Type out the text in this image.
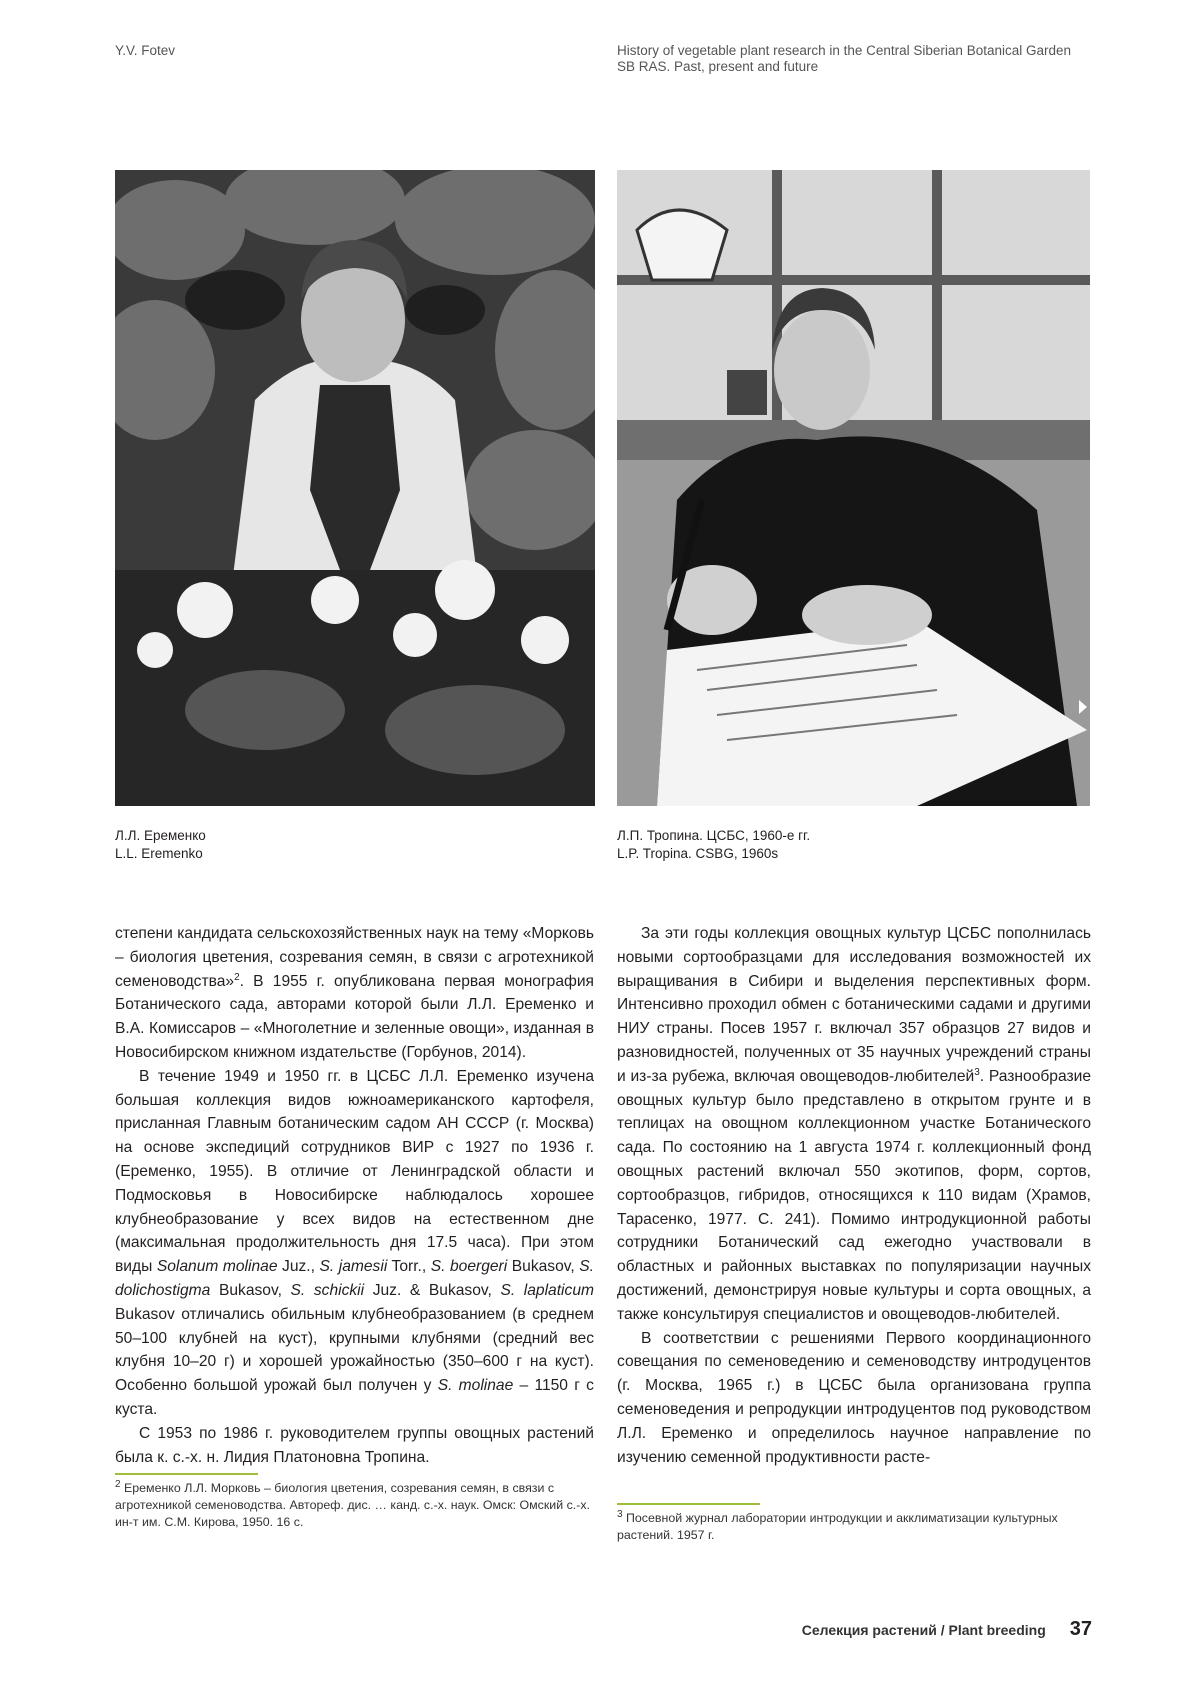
Y.V. Fotev	History of vegetable plant research in the Central Siberian Botanical Garden SB RAS. Past, present and future
Л.Л. Еременко
L.L. Eremenko
Л.П. Тропина. ЦСБС, 1960-е гг.
L.P. Tropina. CSBG, 1960s

степени кандидата сельскохозяйственных наук на тему «Морковь – биология цветения, созревания семян, в связи с агротехникой семеноводства»$^2$. В 1955 г. опубликована первая монография Ботанического сада, авторами которой были Л.Л. Еременко и В.А. Комиссаров – «Многолетние и зеленные овощи», изданная в Новосибирском книжном издательстве (Горбунов, 2014).

В течение 1949 и 1950 гг. в ЦСБС Л.Л. Еременко изучена большая коллекция видов южноамериканского картофеля, присланная Главным ботаническим садом АН СССР (г. Москва) на основе экспедиций сотрудников ВИР с 1927 по 1936 г. (Еременко, 1955). В отличие от Ленинградской области и Подмосковья в Новосибирске наблюдалось хорошее клубнеобразование у всех видов на естественном дне (максимальная продолжительность дня 17.5 часа). При этом виды Solanum molinae Juz., S. jamesii Torr., S. boergeri Bukasov, S. dolichostigma Bukasov, S. schickii Juz. & Bukasov, S. laplaticum Bukasov отличались обильным клубнеобразованием (в среднем 50–100 клубней на куст), крупными клубнями (средний вес клубня 10–20 г) и хорошей урожайностью (350–600 г на куст). Особенно большой урожай был получен у S. molinae – 1150 г с куста.

С 1953 по 1986 г. руководителем группы овощных растений была к. с.-х. н. Лидия Платоновна Тропина.

За эти годы коллекция овощных культур ЦСБС пополнилась новыми сортообразцами для исследования возможностей их выращивания в Сибири и выделения перспективных форм. Интенсивно проходил обмен с ботаническими садами и другими НИУ страны. Посев 1957 г. включал 357 образцов 27 видов и разновидностей, полученных от 35 научных учреждений страны и из-за рубежа, включая овощеводов-любителей$^3$. Разнообразие овощных культур было представлено в открытом грунте и в теплицах на овощном коллекционном участке Ботанического сада. По состоянию на 1 августа 1974 г. коллекционный фонд овощных растений включал 550 экотипов, форм, сортов, сортообразцов, гибридов, относящихся к 110 видам (Храмов, Тарасенко, 1977. С. 241). Помимо интродукционной работы сотрудники Ботанический сад ежегодно участвовали в областных и районных выставках по популяризации научных достижений, демонстрируя новые культуры и сорта овощных, а также консультируя специалистов и овощеводов-любителей.

В соответствии с решениями Первого координационного совещания по семеноведению и семеноводству интродуцентов (г. Москва, 1965 г.) в ЦСБС была организована группа семеноведения и репродукции интродуцентов под руководством Л.Л. Еременко и определилось научное направление по изучению семенной продуктивности расте-

$^2$ Еременко Л.Л. Морковь – биология цветения, созревания семян, в связи с агротехникой семеноводства. Автореф. дис. … канд. с.-х. наук. Омск: Омский с.-х. ин-т им. С.М. Кирова, 1950. 16 с.
$^3$ Посевной журнал лаборатории интродукции и акклиматизации культурных растений. 1957 г.
Селекция растений / Plant breeding 37
